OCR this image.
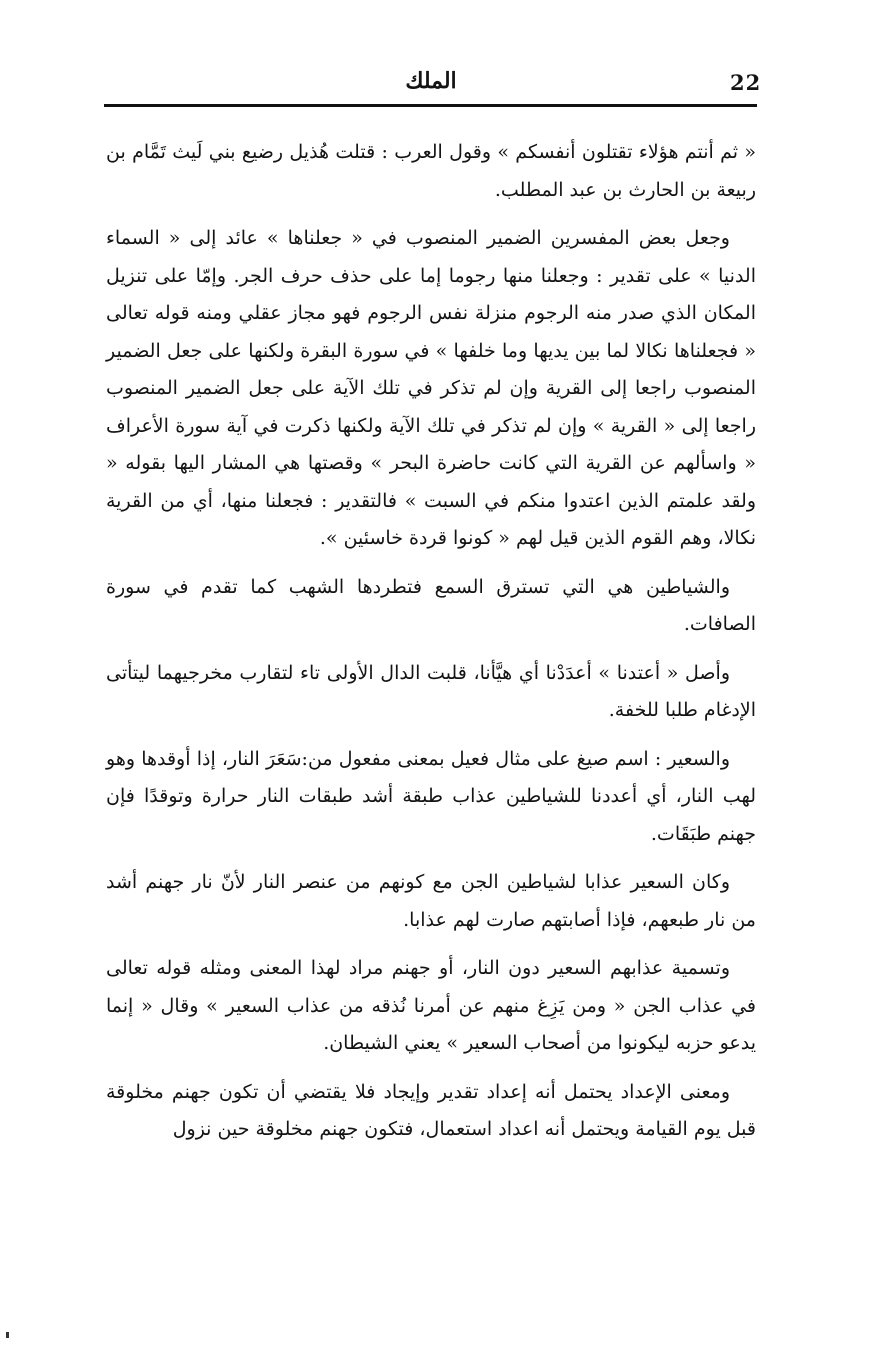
الملك	22

« ثم أنتم هؤلاء تقتلون أنفسكم » وقول العرب : قتلت هُذيل رضيع بني لَيث تَمَّام بن ربيعة بن الحارث بن عبد المطلب.

وجعل بعض المفسرين الضمير المنصوب في « جعلناها » عائد إلى « السماء الدنيا » على تقدير : وجعلنا منها رجوما إما على حذف حرف الجر. وإمّا على تنزيل المكان الذي صدر منه الرجوم منزلة نفس الرجوم فهو مجاز عقلي ومنه قوله تعالى « فجعلناها نكالا لما بين يديها وما خلفها » في سورة البقرة ولكنها على جعل الضمير المنصوب راجعا إلى القرية وإن لم تذكر في تلك الآية على جعل الضمير المنصوب راجعا إلى « القرية » وإن لم تذكر في تلك الآية ولكنها ذكرت في آية سورة الأعراف « واسألهم عن القرية التي كانت حاضرة البحر » وقصتها هي المشار اليها بقوله « ولقد علمتم الذين اعتدوا منكم في السبت » فالتقدير : فجعلنا منها، أي من القرية نكالا، وهم القوم الذين قيل لهم « كونوا قردة خاسئين ».

والشياطين هي التي تسترق السمع فتطردها الشهب كما تقدم في سورة الصافات.

وأصل « أعتدنا » أعدَدْنا أي هيَّأنا، قلبت الدال الأولى تاء لتقارب مخرجيهما ليتأتى الإدغام طلبا للخفة.

والسعير : اسم صيغ على مثال فعيل بمعنى مفعول من:سَعَرَ النار، إذا أوقدها وهو لهب النار، أي أعددنا للشياطين عذاب طبقة أشد طبقات النار حرارة وتوقدًا فإن جهنم طبَقَات.

وكان السعير عذابا لشياطين الجن مع كونهم من عنصر النار لأنّ نار جهنم أشد من نار طبعهم، فإذا أصابتهم صارت لهم عذابا.

وتسمية عذابهم السعير دون النار، أو جهنم مراد لهذا المعنى ومثله قوله تعالى في عذاب الجن « ومن يَزِغ منهم عن أمرنا نُذقه من عذاب السعير » وقال « إنما يدعو حزبه ليكونوا من أصحاب السعير » يعني الشيطان.

ومعنى الإعداد يحتمل أنه إعداد تقدير وإيجاد فلا يقتضي أن تكون جهنم مخلوقة قبل يوم القيامة ويحتمل أنه اعداد استعمال، فتكون جهنم مخلوقة حين نزول
